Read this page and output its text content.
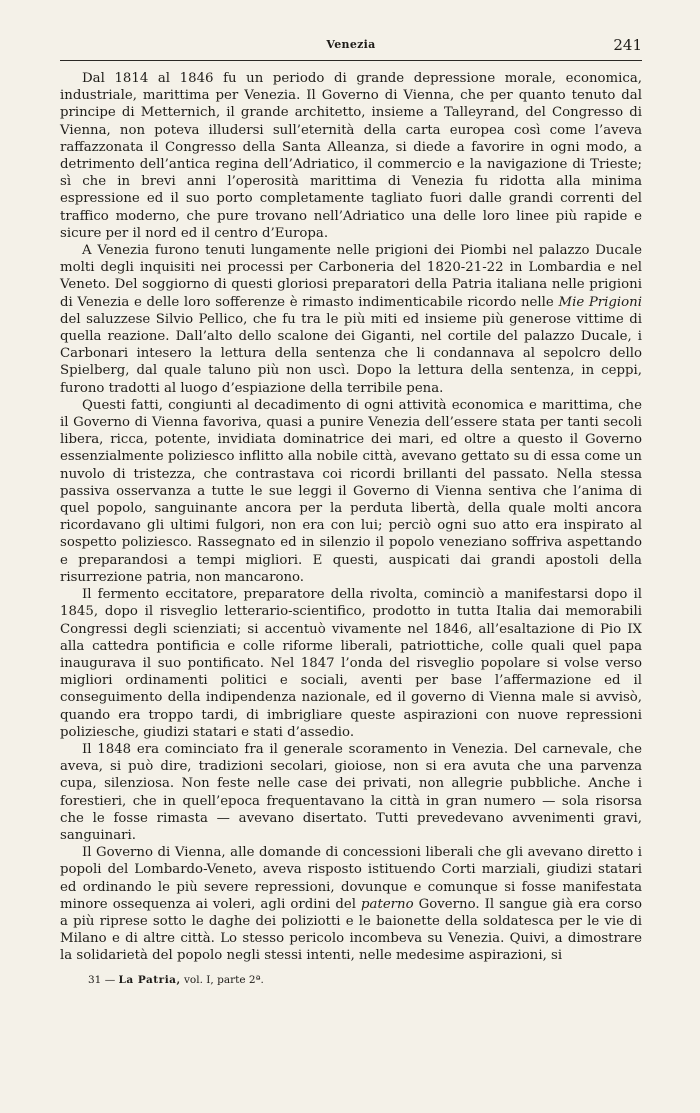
Venezia	241

Dal 1814 al 1846 fu un periodo di grande depressione morale, economica, industriale, marittima per Venezia. Il Governo di Vienna, che per quanto tenuto dal principe di Metternich, il grande architetto, insieme a Talleyrand, del Congresso di Vienna, non poteva illudersi sull’eternità della carta europea così come l’aveva raffazzonata il Congresso della Santa Alleanza, si diede a favorire in ogni modo, a detrimento dell’antica regina dell’Adriatico, il commercio e la navigazione di Trieste; sì che in brevi anni l’operosità marittima di Venezia fu ridotta alla minima espressione ed il suo porto completamente tagliato fuori dalle grandi correnti del traffico moderno, che pure trovano nell’Adriatico una delle loro linee più rapide e sicure per il nord ed il centro d’Europa.

A Venezia furono tenuti lungamente nelle prigioni dei Piombi nel palazzo Ducale molti degli inquisiti nei processi per Carboneria del 1820-21-22 in Lombardia e nel Veneto. Del soggiorno di questi gloriosi preparatori della Patria italiana nelle prigioni di Venezia e delle loro sofferenze è rimasto indimenticabile ricordo nelle Mie Prigioni del saluzzese Silvio Pellico, che fu tra le più miti ed insieme più generose vittime di quella reazione. Dall’alto dello scalone dei Giganti, nel cortile del palazzo Ducale, i Carbonari intesero la lettura della sentenza che li condannava al sepolcro dello Spielberg, dal quale taluno più non uscì. Dopo la lettura della sentenza, in ceppi, furono tradotti al luogo d’espiazione della terribile pena.

Questi fatti, congiunti al decadimento di ogni attività economica e marittima, che il Governo di Vienna favoriva, quasi a punire Venezia dell’essere stata per tanti secoli libera, ricca, potente, invidiata dominatrice dei mari, ed oltre a questo il Governo essenzialmente poliziesco inflitto alla nobile città, avevano gettato su di essa come un nuvolo di tristezza, che contrastava coi ricordi brillanti del passato. Nella stessa passiva osservanza a tutte le sue leggi il Governo di Vienna sentiva che l’anima di quel popolo, sanguinante ancora per la perduta libertà, della quale molti ancora ricordavano gli ultimi fulgori, non era con lui; perciò ogni suo atto era inspirato al sospetto poliziesco. Rassegnato ed in silenzio il popolo veneziano soffriva aspettando e preparandosi a tempi migliori. E questi, auspicati dai grandi apostoli della risurrezione patria, non mancarono.

Il fermento eccitatore, preparatore della rivolta, cominciò a manifestarsi dopo il 1845, dopo il risveglio letterario-scientifico, prodotto in tutta Italia dai memorabili Congressi degli scienziati; si accentuò vivamente nel 1846, all’esaltazione di Pio IX alla cattedra pontificia e colle riforme liberali, patriottiche, colle quali quel papa inaugurava il suo pontificato. Nel 1847 l’onda del risveglio popolare si volse verso migliori ordinamenti politici e sociali, aventi per base l’affermazione ed il conseguimento della indipendenza nazionale, ed il governo di Vienna male si avvisò, quando era troppo tardi, di imbrigliare queste aspirazioni con nuove repressioni poliziesche, giudizi statari e stati d’assedio.

Il 1848 era cominciato fra il generale scoramento in Venezia. Del carnevale, che aveva, si può dire, tradizioni secolari, gioiose, non si era avuta che una parvenza cupa, silenziosa. Non feste nelle case dei privati, non allegrie pubbliche. Anche i forestieri, che in quell’epoca frequentavano la città in gran numero — sola risorsa che le fosse rimasta — avevano disertato. Tutti prevedevano avvenimenti gravi, sanguinari.

Il Governo di Vienna, alle domande di concessioni liberali che gli avevano diretto i popoli del Lombardo-Veneto, aveva risposto istituendo Corti marziali, giudizi statari ed ordinando le più severe repressioni, dovunque e comunque si fosse manifestata minore ossequenza ai voleri, agli ordini del paterno Governo. Il sangue già era corso a più riprese sotto le daghe dei poliziotti e le baionette della soldatesca per le vie di Milano e di altre città. Lo stesso pericolo incombeva su Venezia. Quivi, a dimostrare la solidarietà del popolo negli stessi intenti, nelle medesime aspirazioni, si

31 — La Patria, vol. I, parte 2ª.
